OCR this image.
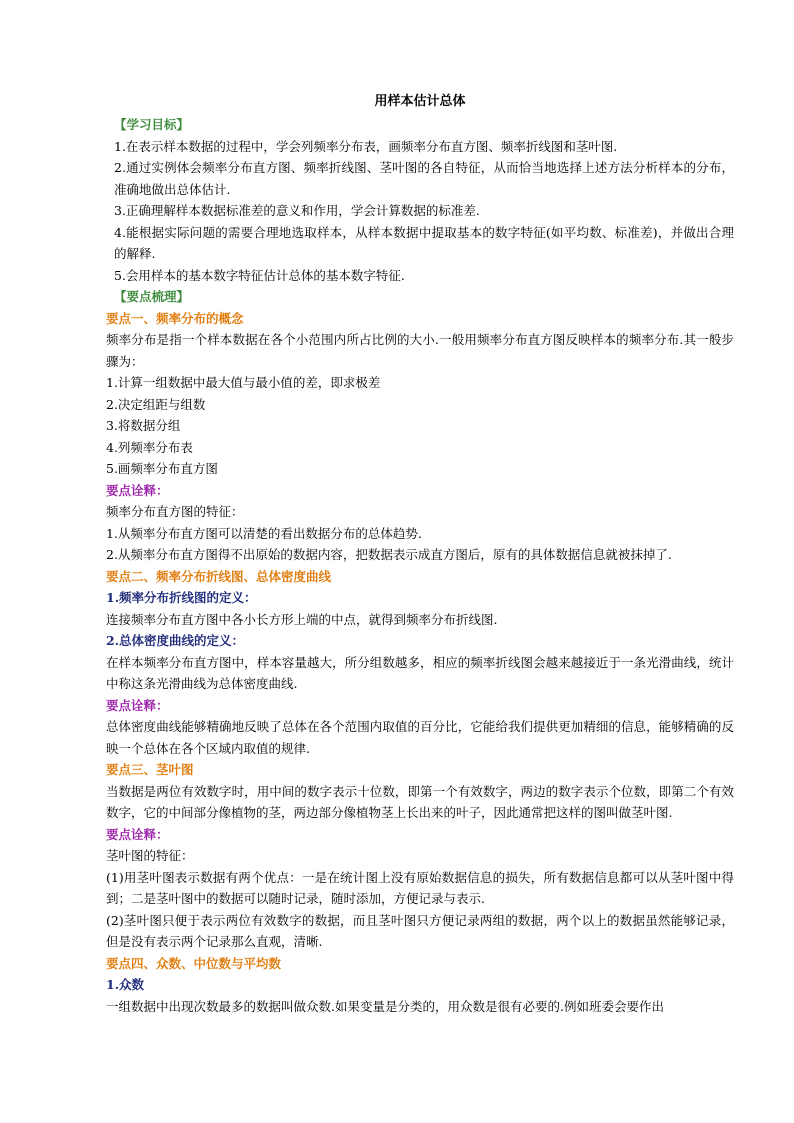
用样本估计总体

【学习目标】

1.在表示样本数据的过程中，学会列频率分布表，画频率分布直方图、频率折线图和茎叶图.

2.通过实例体会频率分布直方图、频率折线图、茎叶图的各自特征，从而恰当地选择上述方法分析样本的分布，准确地做出总体估计.

3.正确理解样本数据标准差的意义和作用，学会计算数据的标准差.

4.能根据实际问题的需要合理地选取样本，从样本数据中提取基本的数字特征(如平均数、标准差)，并做出合理的解释.

5.会用样本的基本数字特征估计总体的基本数字特征.

【要点梳理】

要点一、频率分布的概念

频率分布是指一个样本数据在各个小范围内所占比例的大小.一般用频率分布直方图反映样本的频率分布.其一般步骤为：

1.计算一组数据中最大值与最小值的差，即求极差

2.决定组距与组数

3.将数据分组

4.列频率分布表

5.画频率分布直方图

要点诠释：

频率分布直方图的特征：

1.从频率分布直方图可以清楚的看出数据分布的总体趋势.

2.从频率分布直方图得不出原始的数据内容，把数据表示成直方图后，原有的具体数据信息就被抹掉了.

要点二、频率分布折线图、总体密度曲线

1.频率分布折线图的定义：

连接频率分布直方图中各小长方形上端的中点，就得到频率分布折线图.

2.总体密度曲线的定义：

在样本频率分布直方图中，样本容量越大，所分组数越多，相应的频率折线图会越来越接近于一条光滑曲线，统计中称这条光滑曲线为总体密度曲线.

要点诠释：

总体密度曲线能够精确地反映了总体在各个范围内取值的百分比，它能给我们提供更加精细的信息，能够精确的反映一个总体在各个区域内取值的规律.

要点三、茎叶图

当数据是两位有效数字时，用中间的数字表示十位数，即第一个有效数字，两边的数字表示个位数，即第二个有效数字，它的中间部分像植物的茎，两边部分像植物茎上长出来的叶子，因此通常把这样的图叫做茎叶图.

要点诠释：

茎叶图的特征：

(1)用茎叶图表示数据有两个优点：一是在统计图上没有原始数据信息的损失，所有数据信息都可以从茎叶图中得到；二是茎叶图中的数据可以随时记录，随时添加，方便记录与表示.

(2)茎叶图只便于表示两位有效数字的数据，而且茎叶图只方便记录两组的数据，两个以上的数据虽然能够记录，但是没有表示两个记录那么直观，清晰.

要点四、众数、中位数与平均数

1.众数

一组数据中出现次数最多的数据叫做众数.如果变量是分类的，用众数是很有必要的.例如班委会要作出
